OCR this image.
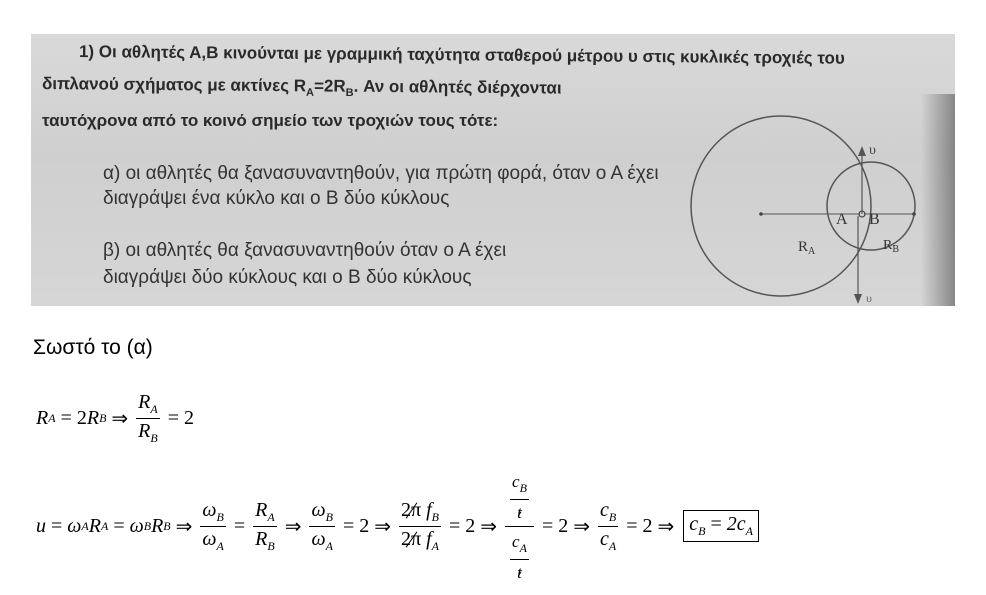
1) Οι αθλητές Α,Β κινούνται με γραμμική ταχύτητα σταθερού μέτρου υ στις κυκλικές τροχιές του
διπλανού σχήματος με ακτίνες $R_A=2R_B$. Αν οι αθλητές διέρχονται
ταυτόχρονα από το κοινό σημείο των τροχιών τους τότε:
α) οι αθλητές θα ξανασυναντηθούν, για πρώτη φορά, όταν ο Α έχει
διαγράψει ένα κύκλο και ο Β δύο κύκλους
β) οι αθλητές θα ξανασυναντηθούν όταν ο Α έχει
διαγράψει δύο κύκλους και ο Β δύο κύκλους
A B
$R_A$	$R_B$
υ
υ
Σωστό το (α)
R A = 2 R B ⇒ $\frac{R_A}{R_B} = 2$
u = ω A R A = ω B R B ⇒ $\frac{\omega_B}{\omega_A} = \frac{R_A}{R_B}$ ⇒ $\frac{\omega_B}{\omega_A} = 2$ ⇒ $\frac{2\pi f_B}{2\pi f_A} = 2$ ⇒ $\frac{\frac{c_B}{t}}{\frac{c_A}{t}} = 2$ ⇒ $\frac{c_B}{c_A} = 2$ ⇒ $c_B = 2c_A$
